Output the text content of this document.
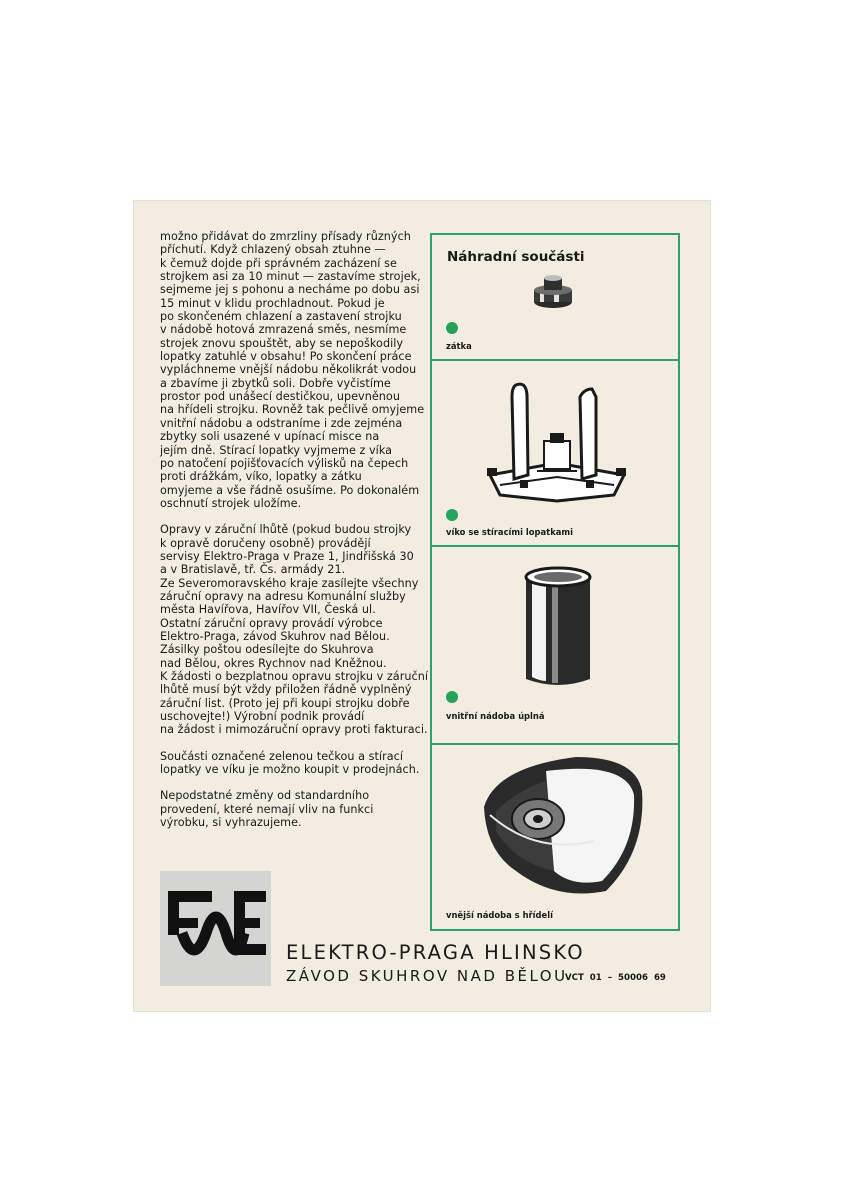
možno přidávat do zmrzliny přísady různých
příchutí. Když chlazený obsah ztuhne —
k čemuž dojde při správném zacházení se
strojkem asi za 10 minut — zastavíme strojek,
sejmeme jej s pohonu a necháme po dobu asi
15 minut v klidu prochladnout. Pokud je
po skončeném chlazení a zastavení strojku
v nádobě hotová zmrazená směs, nesmíme
strojek znovu spouštět, aby se nepoškodily
lopatky zatuhlé v obsahu! Po skončení práce
vypláchneme vnější nádobu několikrát vodou
a zbavíme ji zbytků soli. Dobře vyčistíme
prostor pod unášecí destičkou, upevněnou
na hřídeli strojku. Rovněž tak pečlivě omyjeme
vnitřní nádobu a odstraníme i zde zejména
zbytky soli usazené v upínací misce na
jejím dně. Stírací lopatky vyjmeme z víka
po natočení pojišťovacích výlisků na čepech
proti drážkám, víko, lopatky a zátku
omyjeme a vše řádně osušíme. Po dokonalém
oschnutí strojek uložíme.

Opravy v záruční lhůtě (pokud budou strojky
k opravě doručeny osobně) provádějí
servisy Elektro-Praga v Praze 1, Jindřišská 30
a v Bratislavě, tř. Čs. armády 21.
Ze Severomoravského kraje zasílejte všechny
záruční opravy na adresu Komunální služby
města Havířova, Havířov VII, Česká ul.
Ostatní záruční opravy provádí výrobce
Elektro-Praga, závod Skuhrov nad Bělou.
Zásilky poštou odesílejte do Skuhrova
nad Bělou, okres Rychnov nad Kněžnou.
K žádosti o bezplatnou opravu strojku v záruční
lhůtě musí být vždy přiložen řádně vyplněný
záruční list. (Proto jej při koupi strojku dobře
uschovejte!) Výrobní podnik provádí
na žádost i mimozáruční opravy proti fakturaci.

Součásti označené zelenou tečkou a stírací
lopatky ve víku je možno koupit v prodejnách.

Nepodstatné změny od standardního
provedení, které nemají vliv na funkci
výrobku, si vyhrazujeme.

Náhradní součásti
zátka
víko se stíracími lopatkami
vnitřní nádoba úplná
vnější nádoba s hřídelí
ELEKTRO-PRAGA HLINSKO
ZÁVOD SKUHROV NAD BĚLOU
VCT 01 – 50006 69
